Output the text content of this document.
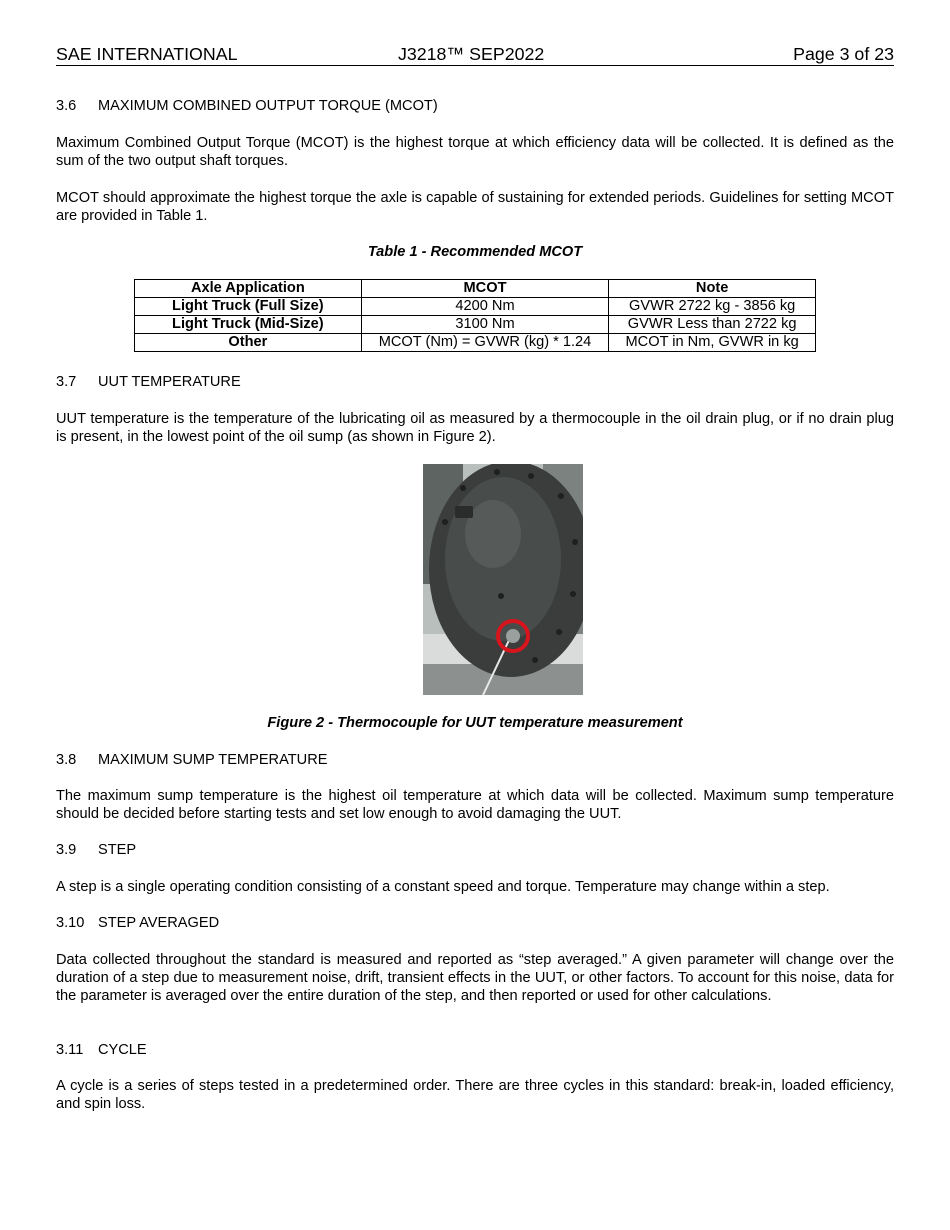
SAE INTERNATIONAL	J3218™ SEP2022	Page 3 of 23
3.6 MAXIMUM COMBINED OUTPUT TORQUE (MCOT)
Maximum Combined Output Torque (MCOT) is the highest torque at which efficiency data will be collected. It is defined as the sum of the two output shaft torques.
MCOT should approximate the highest torque the axle is capable of sustaining for extended periods. Guidelines for setting MCOT are provided in Table 1.
Table 1 - Recommended MCOT
Axle Application	MCOT	Note
Light Truck (Full Size)	4200 Nm	GVWR 2722 kg - 3856 kg
Light Truck (Mid-Size)	3100 Nm	GVWR Less than 2722 kg
Other	MCOT (Nm) = GVWR (kg) * 1.24	MCOT in Nm, GVWR in kg
3.7 UUT TEMPERATURE
UUT temperature is the temperature of the lubricating oil as measured by a thermocouple in the oil drain plug, or if no drain plug is present, in the lowest point of the oil sump (as shown in Figure 2).
Figure 2 - Thermocouple for UUT temperature measurement
3.8 MAXIMUM SUMP TEMPERATURE
The maximum sump temperature is the highest oil temperature at which data will be collected. Maximum sump temperature should be decided before starting tests and set low enough to avoid damaging the UUT.
3.9 STEP
A step is a single operating condition consisting of a constant speed and torque. Temperature may change within a step.
3.10 STEP AVERAGED
Data collected throughout the standard is measured and reported as “step averaged.” A given parameter will change over the duration of a step due to measurement noise, drift, transient effects in the UUT, or other factors. To account for this noise, data for the parameter is averaged over the entire duration of the step, and then reported or used for other calculations.
3.11 CYCLE
A cycle is a series of steps tested in a predetermined order. There are three cycles in this standard: break-in, loaded efficiency, and spin loss.
